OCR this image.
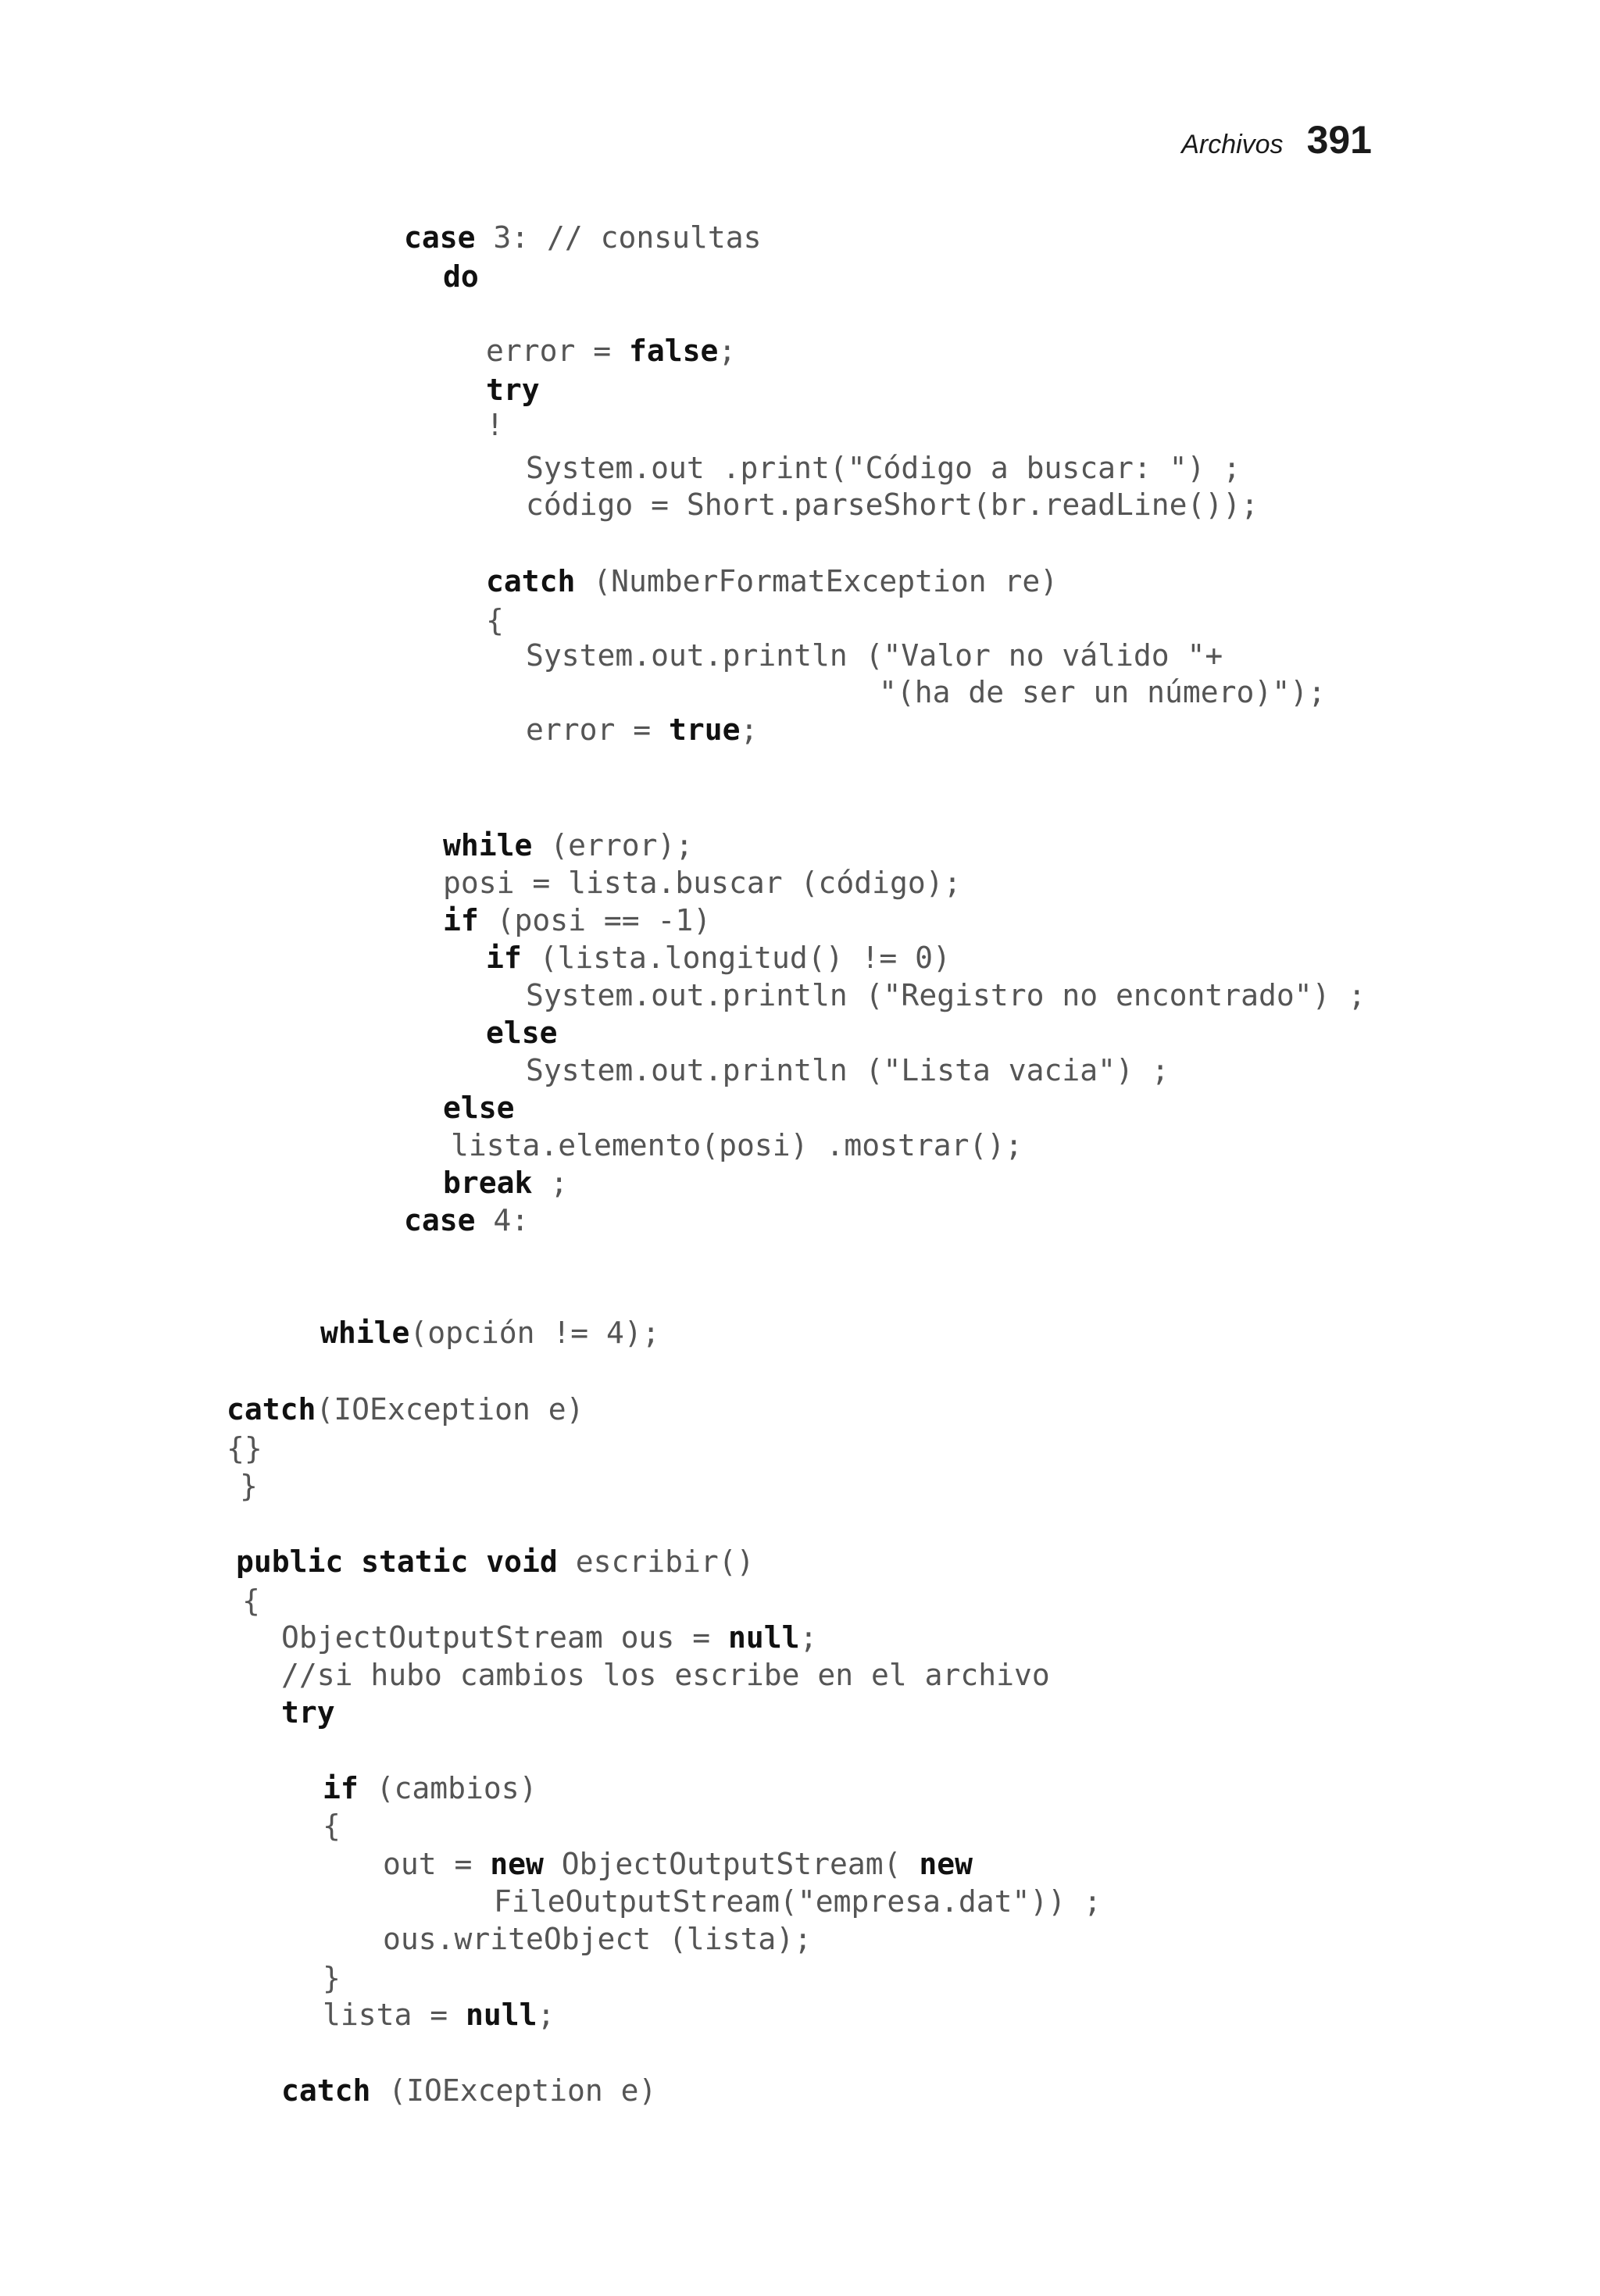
Archivos 391
case 3: // consultas
do
error = false;
try
!
System.out .print("Código a buscar: ") ;
código = Short.parseShort(br.readLine());
catch (NumberFormatException re)
{
System.out.println ("Valor no válido "+
"(ha de ser un número)");
error = true;
while (error);
posi = lista.buscar (código);
if (posi == -1)
if (lista.longitud() != 0)
System.out.println ("Registro no encontrado") ;
else
System.out.println ("Lista vacia") ;
else
lista.elemento(posi) .mostrar();
break ;
case 4:
while(opción != 4);
catch(IOException e)
{}
}
public static void escribir()
{
ObjectOutputStream ous = null;
//si hubo cambios los escribe en el archivo
try
if (cambios)
{
out = new ObjectOutputStream( new
FileOutputStream("empresa.dat")) ;
ous.writeObject (lista);
}
lista = null;
catch (IOException e)
